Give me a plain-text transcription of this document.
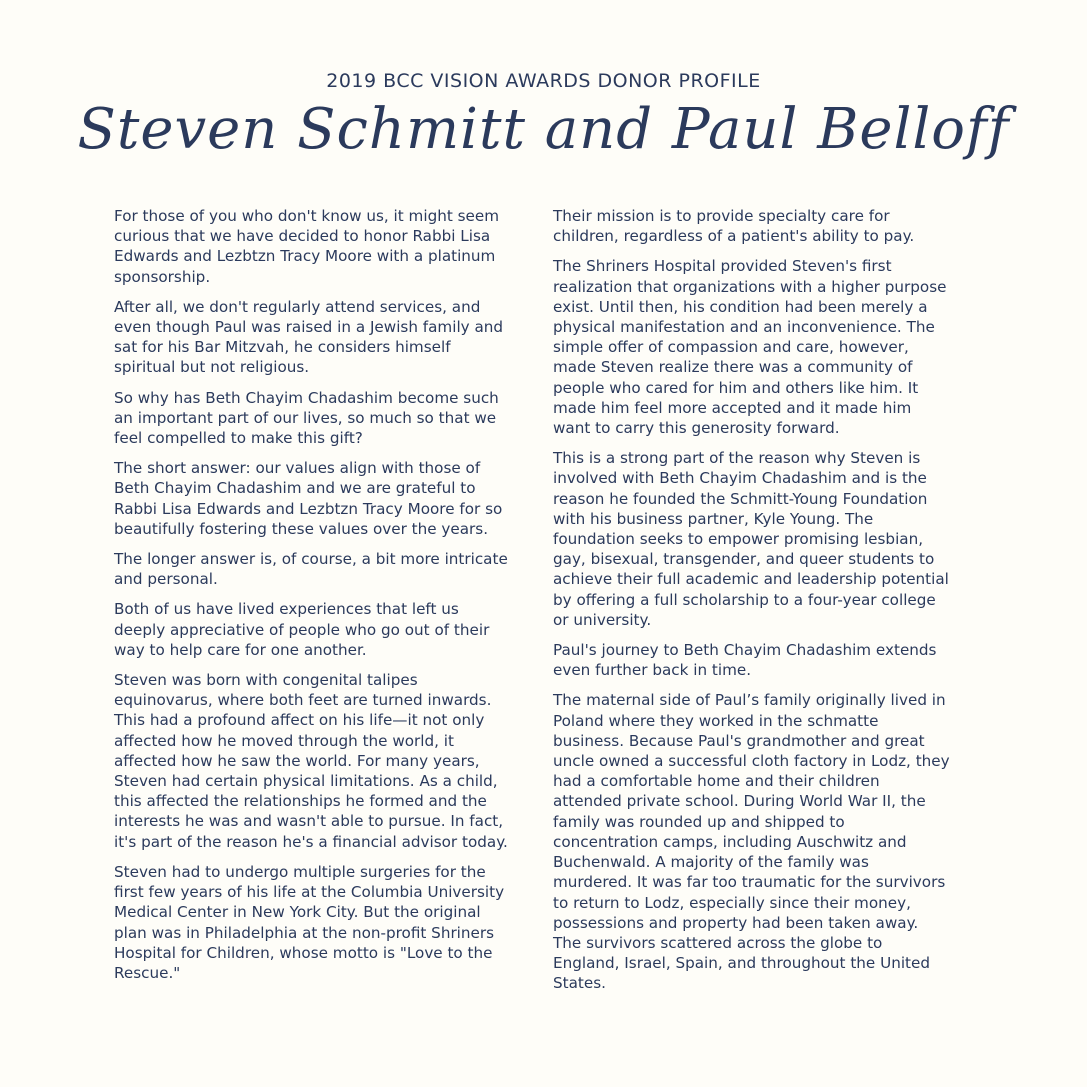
2019 BCC VISION AWARDS DONOR PROFILE
Steven Schmitt and Paul Belloff

For those of you who don't know us, it might seem curious that we have decided to honor Rabbi Lisa Edwards and Lezbtzn Tracy Moore with a platinum sponsorship.

After all, we don't regularly attend services, and even though Paul was raised in a Jewish family and sat for his Bar Mitzvah, he considers himself spiritual but not religious.

So why has Beth Chayim Chadashim become such an important part of our lives, so much so that we feel compelled to make this gift?

The short answer: our values align with those of Beth Chayim Chadashim and we are grateful to Rabbi Lisa Edwards and Lezbtzn Tracy Moore for so beautifully fostering these values over the years.

The longer answer is, of course, a bit more intricate and personal.

Both of us have lived experiences that left us deeply appreciative of people who go out of their way to help care for one another.

Steven was born with congenital talipes equinovarus, where both feet are turned inwards. This had a profound affect on his life—it not only affected how he moved through the world, it affected how he saw the world. For many years, Steven had certain physical limitations. As a child, this affected the relationships he formed and the interests he was and wasn't able to pursue. In fact, it's part of the reason he's a financial advisor today.

Steven had to undergo multiple surgeries for the first few years of his life at the Columbia University Medical Center in New York City. But the original plan was in Philadelphia at the non-profit Shriners Hospital for Children, whose motto is "Love to the Rescue."

Their mission is to provide specialty care for children, regardless of a patient's ability to pay.

The Shriners Hospital provided Steven's first realization that organizations with a higher purpose exist. Until then, his condition had been merely a physical manifestation and an inconvenience. The simple offer of compassion and care, however, made Steven realize there was a community of people who cared for him and others like him. It made him feel more accepted and it made him want to carry this generosity forward.

This is a strong part of the reason why Steven is involved with Beth Chayim Chadashim and is the reason he founded the Schmitt-Young Foundation with his business partner, Kyle Young. The foundation seeks to empower promising lesbian, gay, bisexual, transgender, and queer students to achieve their full academic and leadership potential by offering a full scholarship to a four-year college or university.

Paul's journey to Beth Chayim Chadashim extends even further back in time.

The maternal side of Paul’s family originally lived in Poland where they worked in the schmatte business. Because Paul's grandmother and great uncle owned a successful cloth factory in Lodz, they had a comfortable home and their children attended private school. During World War II, the family was rounded up and shipped to concentration camps, including Auschwitz and Buchenwald. A majority of the family was murdered. It was far too traumatic for the survivors to return to Lodz, especially since their money, possessions and property had been taken away. The survivors scattered across the globe to England, Israel, Spain, and throughout the United States.
